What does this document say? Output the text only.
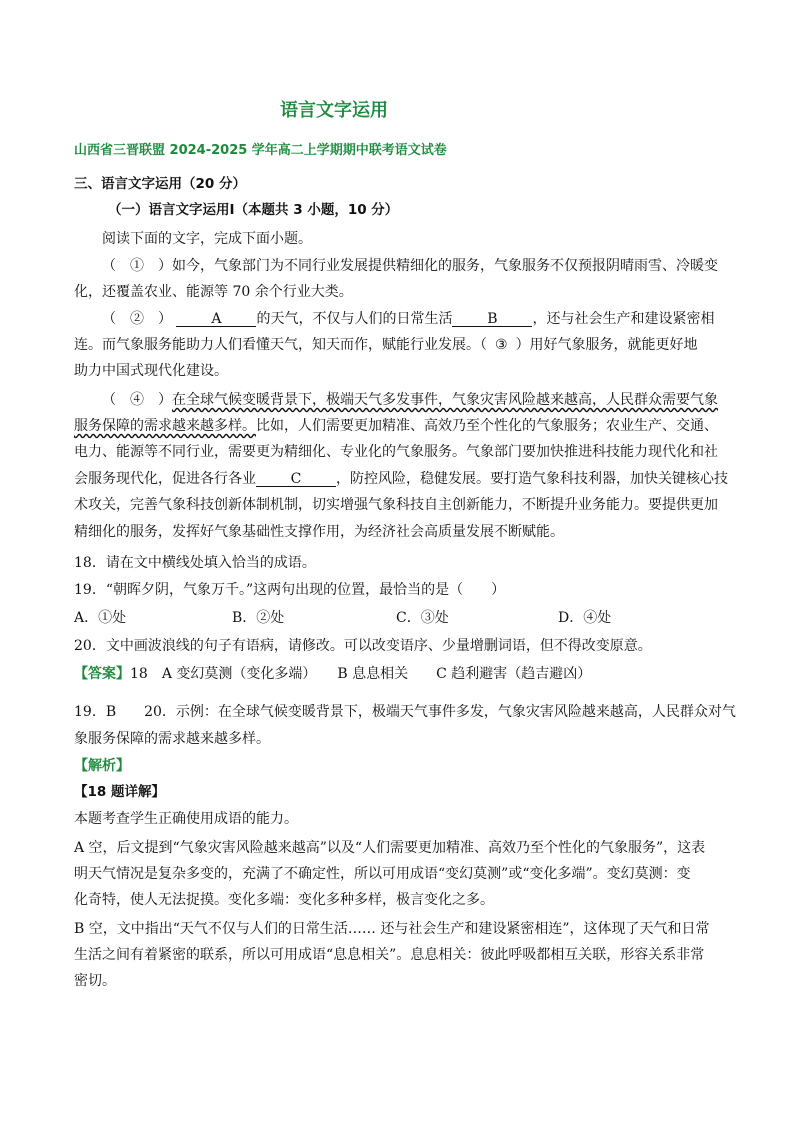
语言文字运用
山西省三晋联盟 2024-2025 学年高二上学期期中联考语文试卷
三、语言文字运用（20 分）
（一）语言文字运用Ⅰ（本题共 3 小题，10 分）
阅读下面的文字，完成下面小题。
（　①　）如今，气象部门为不同行业发展提供精细化的服务，气象服务不仅预报阴晴雨雪、冷暖变
化，还覆盖农业、能源等 70 余个行业大类。
（　②　）	A 的天气，不仅与人们的日常生活 B ，还与社会生产和建设紧密相
连。而气象服务能助力人们看懂天气，知天而作，赋能行业发展。（ ③ ）用好气象服务，就能更好地
助力中国式现代化建设。
（　④　）在全球气候变暖背景下，极端天气多发事件，气象灾害风险越来越高，人民群众需要气象
服务保障的需求越来越多样。比如，人们需要更加精准、高效乃至个性化的气象服务；农业生产、交通、
电力、能源等不同行业，需要更为精细化、专业化的气象服务。气象部门要加快推进科技能力现代化和社
会服务现代化，促进各行各业 C ，防控风险，稳健发展。要打造气象科技利器，加快关键核心技
术攻关，完善气象科技创新体制机制，切实增强气象科技自主创新能力，不断提升业务能力。要提供更加
精细化的服务，发挥好气象基础性支撑作用，为经济社会高质量发展不断赋能。
18．请在文中横线处填入恰当的成语。
19．“朝晖夕阴，气象万千。”这两句出现的位置，最恰当的是（　　）
A．①处	B．②处	C．③处	D．④处
20．文中画波浪线的句子有语病，请修改。可以改变语序、少量增删词语，但不得改变原意。
【答案】18　A 变幻莫测（变化多端）　　B 息息相关　　C 趋利避害（趋吉避凶）
19．B　　20．示例：在全球气候变暖背景下，极端天气事件多发，气象灾害风险越来越高，人民群众对气
象服务保障的需求越来越多样。
【解析】
【18 题详解】
本题考查学生正确使用成语的能力。
A 空，后文提到“气象灾害风险越来越高”以及“人们需要更加精准、高效乃至个性化的气象服务”，这表
明天气情况是复杂多变的，充满了不确定性，所以可用成语“变幻莫测”或“变化多端”。变幻莫测：变
化奇特，使人无法捉摸。变化多端：变化多种多样，极言变化之多。
B 空，文中指出“天气不仅与人们的日常生活…… 还与社会生产和建设紧密相连”，这体现了天气和日常
生活之间有着紧密的联系，所以可用成语“息息相关”。息息相关：彼此呼吸都相互关联，形容关系非常
密切。
